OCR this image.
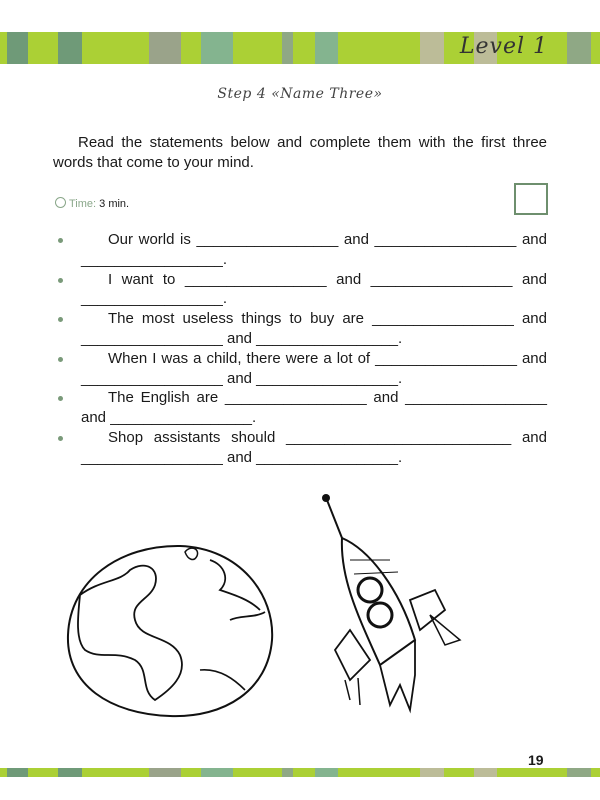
Level 1
Step 4 «Name Three»

Read the statements below and complete them with the first three words that come to your mind.

Time: 3 min.
Our world is _________________ and _________________ and _________________.
I want to _________________ and _________________ and _________________.
The most useless things to buy are _________________ and _________________ and _________________.
When I was a child, there were a lot of _________________ and _________________ and _________________.
The English are _________________ and _________________ and _________________.
Shop assistants should ___________________________ and _________________ and _________________.
19
